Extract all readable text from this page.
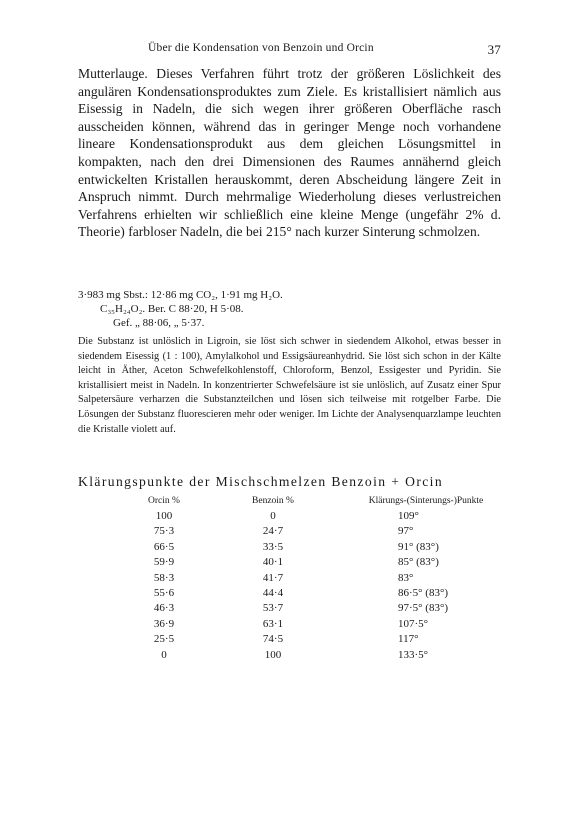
Über die Kondensation von Benzoin und Orcin	37

Mutterlauge. Dieses Verfahren führt trotz der größeren Löslichkeit des angulären Kondensationsproduktes zum Ziele. Es kristallisiert nämlich aus Eisessig in Nadeln, die sich wegen ihrer größeren Oberfläche rasch ausscheiden können, während das in geringer Menge noch vorhandene lineare Kondensationsprodukt aus dem gleichen Lösungsmittel in kompakten, nach den drei Dimensionen des Raumes annähernd gleich entwickelten Kristallen herauskommt, deren Abscheidung längere Zeit in Anspruch nimmt. Durch mehrmalige Wiederholung dieses verlustreichen Verfahrens erhielten wir schließlich eine kleine Menge (ungefähr 2% d. Theorie) farbloser Nadeln, die bei 215° nach kurzer Sinterung schmolzen.

3·983 mg Sbst.: 12·86 mg CO₂, 1·91 mg H₂O.
C₃₅H₂₄O₂. Ber. C 88·20, H 5·08.
Gef. „ 88·06, „ 5·37.

Die Substanz ist unlöslich in Ligroin, sie löst sich schwer in siedendem Alkohol, etwas besser in siedendem Eisessig (1 : 100), Amylalkohol und Essigsäureanhydrid. Sie löst sich schon in der Kälte leicht in Äther, Aceton Schwefelkohlenstoff, Chloroform, Benzol, Essigester und Pyridin. Sie kristallisiert meist in Nadeln. In konzentrierter Schwefelsäure ist sie unlöslich, auf Zusatz einer Spur Salpetersäure verharzen die Substanzteilchen und lösen sich teilweise mit rotgelber Farbe. Die Lösungen der Substanz fluorescieren mehr oder weniger. Im Lichte der Analysenquarzlampe leuchten die Kristalle violett auf.

Klärungspunkte der Mischschmelzen Benzoin + Orcin
Orcin %	Benzoin %	Klärungs-(Sinterungs-)Punkte
100	0	109°
75·3	24·7	97°
66·5	33·5	91° (83°)
59·9	40·1	85° (83°)
58·3	41·7	83°
55·6	44·4	86·5° (83°)
46·3	53·7	97·5° (83°)
36·9	63·1	107·5°
25·5	74·5	117°
0	100	133·5°
